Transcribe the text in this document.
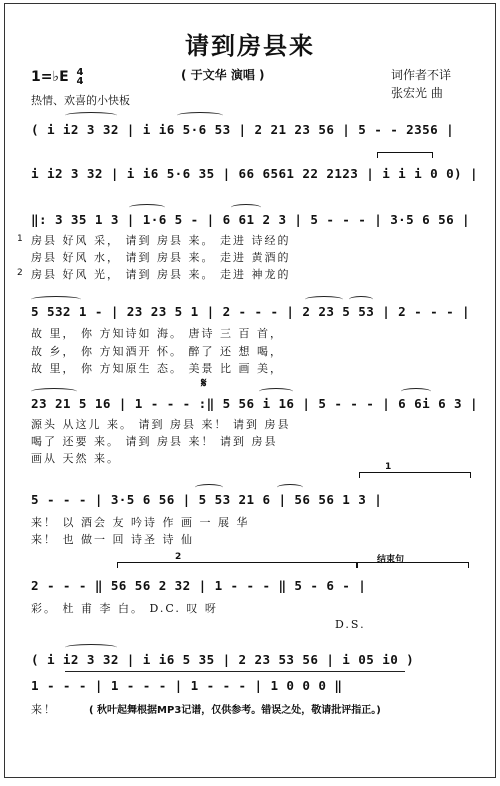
请到房县来
( 于文华 演唱 )
1=♭E 4
4
热情、欢喜的小快板
词作者不详
张宏光 曲
( i i2 3 32 | i i6 5·6 53 | 2 21 23 56 | 5 - - 2356 |
i i2 3 32 | i i6 5·6 35 | 66 6561 22 2123 | i i i 0 0) |
‖: 3 35 1 3 | 1·6 5 - | 6 61 2 3 | 5 - - - | 3·5 6 56 |
1 房县 好风 采， 请到 房县 来。 走进 诗经的
房县 好风 水， 请到 房县 来。 走进 黄酒的
2 房县 好风 光， 请到 房县 来。 走进 神龙的
5 532 1 - | 23 23 5 1 | 2 - - - | 2 23 5 53 | 2 - - - |
故 里， 你 方知诗如 海。 唐诗 三 百 首，
故 乡， 你 方知酒开 怀。 醉了 还 想 喝，
故 里， 你 方知原生 态。 美景 比 画 美，
𝄋
23 21 5 16 | 1 - - - :‖ 5 56 i 16 | 5 - - - | 6 6i 6 3 |
源头 从这儿 来。 请到 房县 来！ 请到 房县
喝了 还要 来。 请到 房县 来！ 请到 房县
画从 天然 来。
1
5 - - - | 3·5 6 56 | 5 53 21 6 | 56 56 1 3 |
来！ 以 酒会 友 吟诗 作 画 一 展 华
来！ 也 做一 回 诗圣 诗 仙
2	结束句
2 - - - ‖ 56 56 2 32 | 1 - - - ‖ 5 - 6 - |
彩。 杜 甫 李 白。 D.C. 叹 呀
D.S.
( i i2 3 32 | i i6 5 35 | 2 23 53 56 | i 05 i0 )
1 - - - | 1 - - - | 1 - - - | 1 0 0 0 ‖
来！	( 秋叶起舞根据MP3记谱，仅供参考。错误之处，敬请批评指正。)
